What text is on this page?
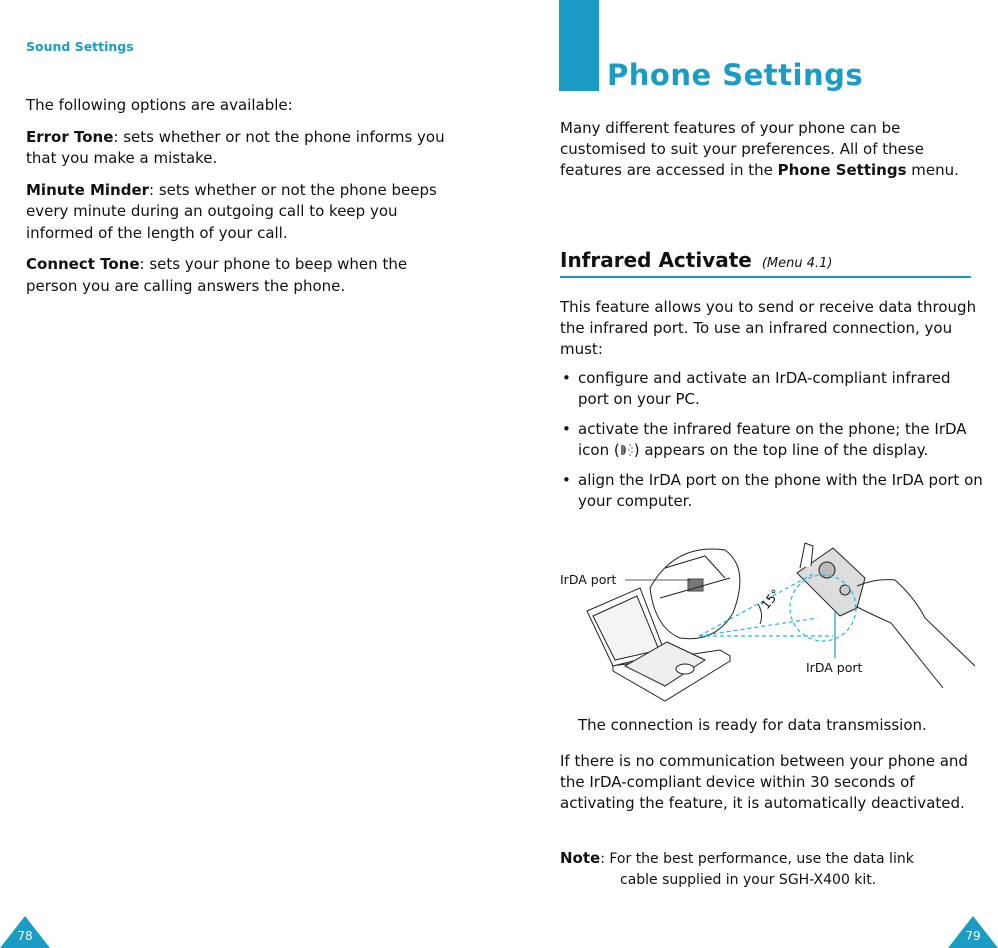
Sound Settings

The following options are available:

Error Tone: sets whether or not the phone informs you that you make a mistake.

Minute Minder: sets whether or not the phone beeps every minute during an outgoing call to keep you informed of the length of your call.

Connect Tone: sets your phone to beep when the person you are calling answers the phone.

78
Phone Settings

Many different features of your phone can be customised to suit your preferences. All of these features are accessed in the Phone Settings menu.

Infrared Activate (Menu 4.1)

This feature allows you to send or receive data through the infrared port. To use an infrared connection, you must:

• configure and activate an IrDA-compliant infrared port on your PC.
• activate the infrared feature on the phone; the IrDA icon ( ) appears on the top line of the display.
• align the IrDA port on the phone with the IrDA port on your computer.
15°
IrDA port
IrDA port

The connection is ready for data transmission.

If there is no communication between your phone and the IrDA-compliant device within 30 seconds of activating the feature, it is automatically deactivated.

Note: For the best performance, use the data link
cable supplied in your SGH-X400 kit.
79
